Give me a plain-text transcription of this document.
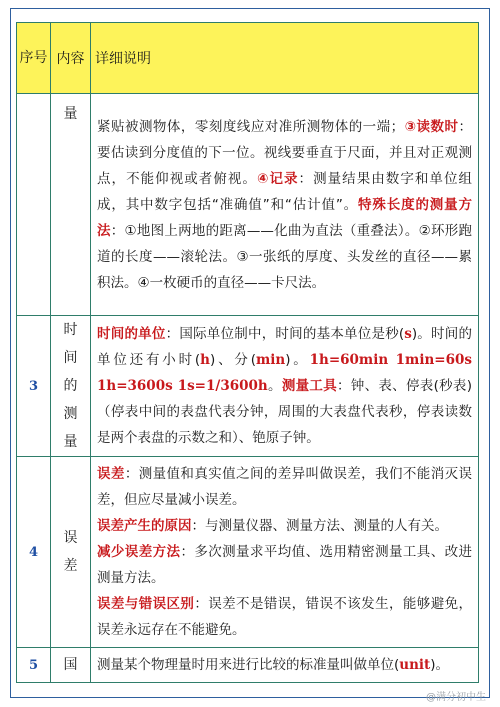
序号	内容	详细说明
	量	紧贴被测物体，零刻度线应对准所测物体的一端；③读数时：要估读到分度值的下一位。视线要垂直于尺面，并且对正观测点，不能仰视或者俯视。④记录：测量结果由数字和单位组成，其中数字包括“准确值”和“估计值”。特殊长度的测量方法：①地图上两地的距离——化曲为直法（重叠法）。②环形跑道的长度——滚轮法。③一张纸的厚度、头发丝的直径——累积法。④一枚硬币的直径——卡尺法。
3	时间的测量	时间的单位：国际单位制中，时间的基本单位是秒(s)。时间的单位还有小时(h)、分(min)。1h=60min 1min=60s 1h=3600s 1s=1/3600h。测量工具：钟、表、停表(秒表)（停表中间的表盘代表分钟，周围的大表盘代表秒，停表读数是两个表盘的示数之和）、铯原子钟。
4	误差	误差：测量值和真实值之间的差异叫做误差，我们不能消灭误差，但应尽量减小误差。
误差产生的原因：与测量仪器、测量方法、测量的人有关。
减少误差方法：多次测量求平均值、选用精密测量工具、改进测量方法。
误差与错误区别：误差不是错误，错误不该发生，能够避免，误差永远存在不能避免。
5	国	测量某个物理量时用来进行比较的标准量叫做单位(unit)。
@满分初中生
